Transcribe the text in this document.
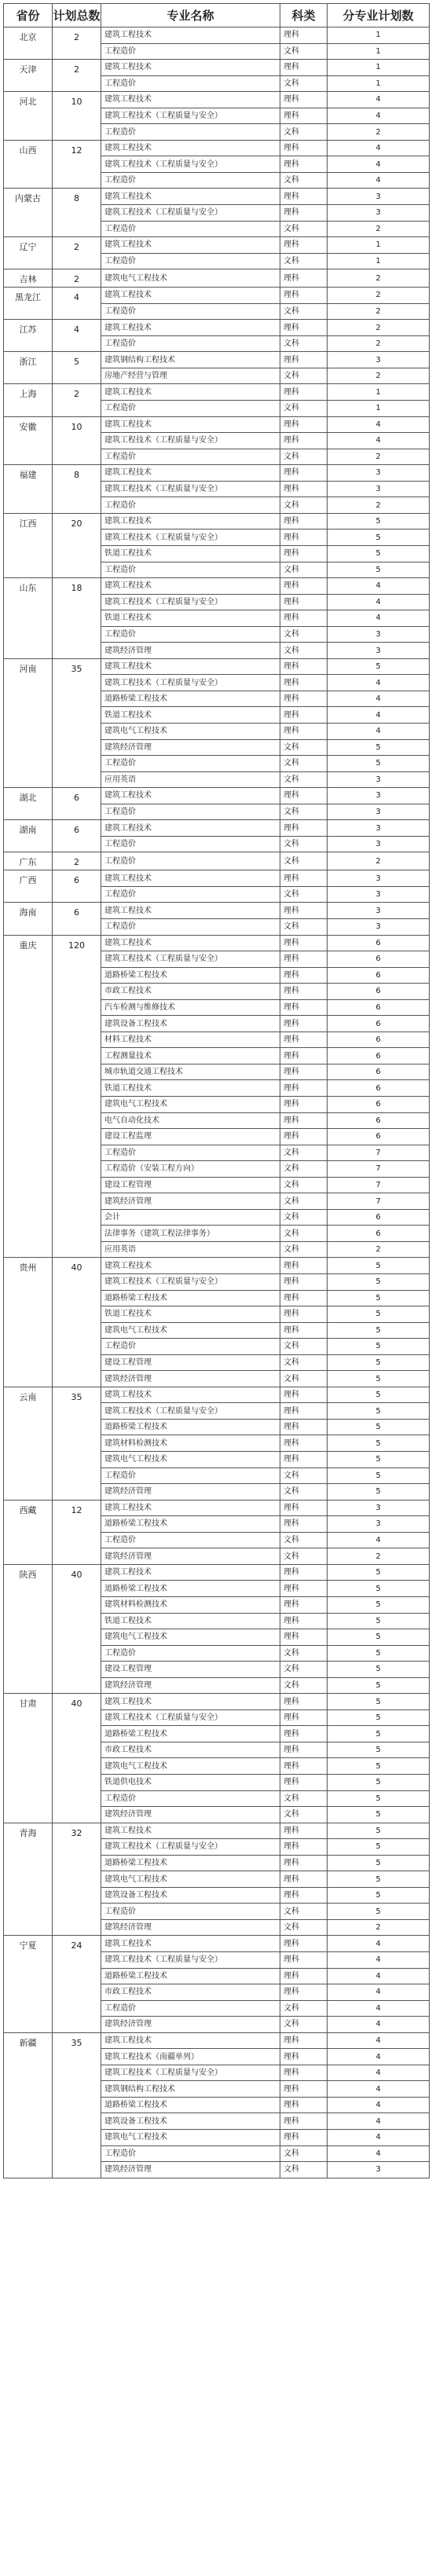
省份	计划总数	专业名称	科类	分专业计划数
北京	2	建筑工程技术	理科	1
		工程造价	文科	1
天津	2	建筑工程技术	理科	1
		工程造价	文科	1
河北	10	建筑工程技术	理科	4
		建筑工程技术（工程质量与安全）	理科	4
		工程造价	文科	2
山西	12	建筑工程技术	理科	4
		建筑工程技术（工程质量与安全）	理科	4
		工程造价	文科	4
内蒙古	8	建筑工程技术	理科	3
		建筑工程技术（工程质量与安全）	理科	3
		工程造价	文科	2
辽宁	2	建筑工程技术	理科	1
		工程造价	文科	1
吉林	2	建筑电气工程技术	理科	2
黑龙江	4	建筑工程技术	理科	2
		工程造价	文科	2
江苏	4	建筑工程技术	理科	2
		工程造价	文科	2
浙江	5	建筑钢结构工程技术	理科	3
		房地产经营与管理	文科	2
上海	2	建筑工程技术	理科	1
		工程造价	文科	1
安徽	10	建筑工程技术	理科	4
		建筑工程技术（工程质量与安全）	理科	4
		工程造价	文科	2
福建	8	建筑工程技术	理科	3
		建筑工程技术（工程质量与安全）	理科	3
		工程造价	文科	2
江西	20	建筑工程技术	理科	5
		建筑工程技术（工程质量与安全）	理科	5
		铁道工程技术	理科	5
		工程造价	文科	5
山东	18	建筑工程技术	理科	4
		建筑工程技术（工程质量与安全）	理科	4
		铁道工程技术	理科	4
		工程造价	文科	3
		建筑经济管理	文科	3
河南	35	建筑工程技术	理科	5
		建筑工程技术（工程质量与安全）	理科	4
		道路桥梁工程技术	理科	4
		铁道工程技术	理科	4
		建筑电气工程技术	理科	4
		建筑经济管理	文科	5
		工程造价	文科	5
		应用英语	文科	3
湖北	6	建筑工程技术	理科	3
		工程造价	文科	3
湖南	6	建筑工程技术	理科	3
		工程造价	文科	3
广东	2	工程造价	文科	2
广西	6	建筑工程技术	理科	3
		工程造价	文科	3
海南	6	建筑工程技术	理科	3
		工程造价	文科	3
重庆	120	建筑工程技术	理科	6
		建筑工程技术（工程质量与安全）	理科	6
		道路桥梁工程技术	理科	6
		市政工程技术	理科	6
		汽车检测与维修技术	理科	6
		建筑设备工程技术	理科	6
		材料工程技术	理科	6
		工程测量技术	理科	6
		城市轨道交通工程技术	理科	6
		铁道工程技术	理科	6
		建筑电气工程技术	理科	6
		电气自动化技术	理科	6
		建设工程监理	理科	6
		工程造价	文科	7
		工程造价（安装工程方向）	文科	7
		建设工程管理	文科	7
		建筑经济管理	文科	7
		会计	文科	6
		法律事务（建筑工程法律事务）	文科	6
		应用英语	文科	2
贵州	40	建筑工程技术	理科	5
		建筑工程技术（工程质量与安全）	理科	5
		道路桥梁工程技术	理科	5
		铁道工程技术	理科	5
		建筑电气工程技术	理科	5
		工程造价	文科	5
		建设工程管理	文科	5
		建筑经济管理	文科	5
云南	35	建筑工程技术	理科	5
		建筑工程技术（工程质量与安全）	理科	5
		道路桥梁工程技术	理科	5
		建筑材料检测技术	理科	5
		建筑电气工程技术	理科	5
		工程造价	文科	5
		建筑经济管理	文科	5
西藏	12	建筑工程技术	理科	3
		道路桥梁工程技术	理科	3
		工程造价	文科	4
		建筑经济管理	文科	2
陕西	40	建筑工程技术	理科	5
		道路桥梁工程技术	理科	5
		建筑材料检测技术	理科	5
		铁道工程技术	理科	5
		建筑电气工程技术	理科	5
		工程造价	文科	5
		建设工程管理	文科	5
		建筑经济管理	文科	5
甘肃	40	建筑工程技术	理科	5
		建筑工程技术（工程质量与安全）	理科	5
		道路桥梁工程技术	理科	5
		市政工程技术	理科	5
		建筑电气工程技术	理科	5
		铁道供电技术	理科	5
		工程造价	文科	5
		建筑经济管理	文科	5
青海	32	建筑工程技术	理科	5
		建筑工程技术（工程质量与安全）	理科	5
		道路桥梁工程技术	理科	5
		建筑电气工程技术	理科	5
		建筑设备工程技术	理科	5
		工程造价	文科	5
		建筑经济管理	文科	2
宁夏	24	建筑工程技术	理科	4
		建筑工程技术（工程质量与安全）	理科	4
		道路桥梁工程技术	理科	4
		市政工程技术	理科	4
		工程造价	文科	4
		建筑经济管理	文科	4
新疆	35	建筑工程技术	理科	4
		建筑工程技术（南疆单列）	理科	4
		建筑工程技术（工程质量与安全）	理科	4
		建筑钢结构工程技术	理科	4
		道路桥梁工程技术	理科	4
		建筑设备工程技术	理科	4
		建筑电气工程技术	理科	4
		工程造价	文科	4
		建筑经济管理	文科	3
